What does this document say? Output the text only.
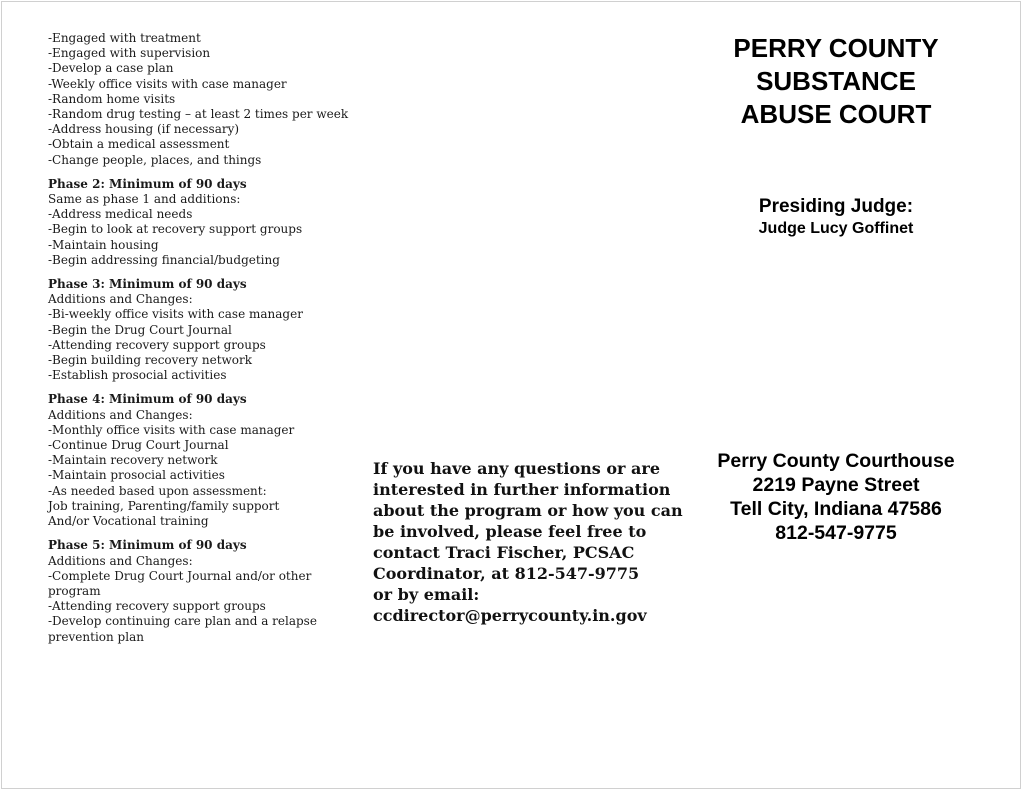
-Engaged with treatment
-Engaged with supervision
-Develop a case plan
-Weekly office visits with case manager
-Random home visits
-Random drug testing – at least 2 times per week
-Address housing (if necessary)
-Obtain a medical assessment
-Change people, places, and things
Phase 2: Minimum of 90 days
Same as phase 1 and additions:
-Address medical needs
-Begin to look at recovery support groups
-Maintain housing
-Begin addressing financial/budgeting
Phase 3: Minimum of 90 days
Additions and Changes:
-Bi-weekly office visits with case manager
-Begin the Drug Court Journal
-Attending recovery support groups
-Begin building recovery network
-Establish prosocial activities
Phase 4: Minimum of 90 days
Additions and Changes:
-Monthly office visits with case manager
-Continue Drug Court Journal
-Maintain recovery network
-Maintain prosocial activities
-As needed based upon assessment:
Job training, Parenting/family support
And/or Vocational training
Phase 5: Minimum of 90 days
Additions and Changes:
-Complete Drug Court Journal and/or other
program
-Attending recovery support groups
-Develop continuing care plan and a relapse
prevention plan
If you have any questions or are
interested in further information
about the program or how you can
be involved, please feel free to
contact Traci Fischer, PCSAC
Coordinator, at 812-547-9775
or by email:
ccdirector@perrycounty.in.gov
PERRY COUNTY
SUBSTANCE
ABUSE COURT
Presiding Judge:
Judge Lucy Goffinet
Perry County Courthouse
2219 Payne Street
Tell City, Indiana 47586
812-547-9775
